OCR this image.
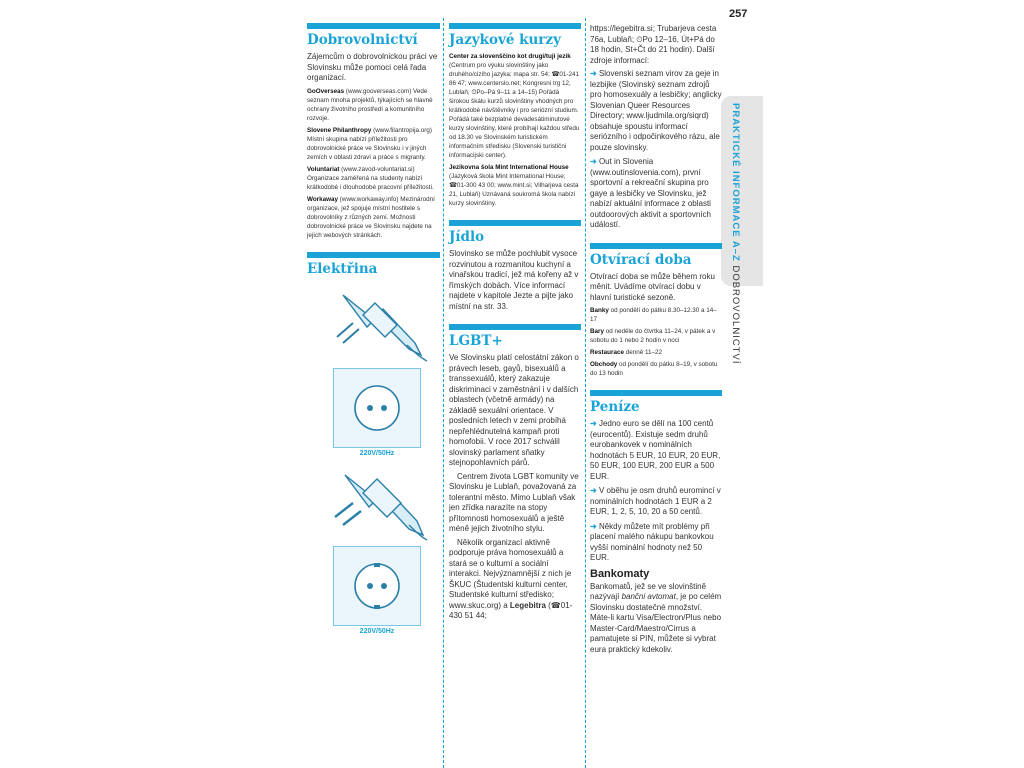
257
PRAKTICKÉ INFORMACE A–Z DOBROVOLNICTVÍ
Dobrovolnictví

Zájemcům o dobrovolnickou práci ve Slovinsku může pomoci celá řada organizací.

GoOverseas (www.gooverseas.com) Vede seznam mnoha projektů, týkajících se hlavně ochrany životního prostředí a komunitního rozvoje.

Slovene Philanthropy (www.filantropija.org) Místní skupina nabízí příležitosti pro dobrovolnické práce ve Slovinsku i v jiných zemích v oblasti zdraví a práce s migranty.

Voluntariat (www.zavod-voluntariat.si) Organizace zaměřená na studenty nabízí krátkodobé i dlouhodobé pracovní příležitosti.

Workaway (www.workaway.info) Mezinárodní organizace, jež spojuje místní hostitele s dobrovolníky z různých zemí. Možnosti dobrovolnické práce ve Slovinsku najdete na jejích webových stránkách.

Elektřina
220V/50Hz
220V/50Hz
Jazykové kurzy

Center za slovenščino kot drugi/tuji jezik (Centrum pro výuku slovinštiny jako druhého/cizího jazyka; mapa str. 54; ☎01-241 86 47; www.centerslo.net; Kongresni trg 12, Lublaň; ⏲Po–Pá 9–11 a 14–15) Pořádá širokou škálu kurzů slovinštiny vhodných pro krátkodobé návštěvníky i pro seriózní studium. Pořádá také bezplatné devadesátiminutové kurzy slovinštiny, které probíhají každou středu od 18.30 ve Slovinském turistickém informačním středisku (Slovenski turistični informacijski center).

Jezikovna šola Mint International House (Jazyková škola Mint International House; ☎01-300 43 00; www.mint.si; Vilharjeva cesta 21, Lublaň) Uznávaná soukromá škola nabízí kurzy slovinštiny.

Jídlo

Slovinsko se může pochlubit vysoce rozvinutou a rozmanitou kuchyní a vinařskou tradicí, jež má kořeny až v římských dobách. Více informací najdete v kapitole Jezte a pijte jako místní na str. 33.

LGBT+

Ve Slovinsku platí celostátní zákon o právech leseb, gayů, bisexuálů a transsexuálů, který zakazuje diskriminaci v zaměstnání i v dalších oblastech (včetně armády) na základě sexuální orientace. V posledních letech v zemi probíhá nepřehlédnutelná kampaň proti homofobii. V roce 2017 schválil slovinský parlament sňatky stejnopohlavních párů.

Centrem života LGBT komunity ve Slovinsku je Lublaň, považovaná za tolerantní město. Mimo Lublaň však jen zřídka narazíte na stopy přítomnosti homosexuálů a ještě méně jejich životního stylu.

Několik organizací aktivně podporuje práva homosexuálů a stará se o kulturní a sociální interakci. Nejvýznamnější z nich je ŠKUC (Študentski kulturni center, Studentské kulturní středisko; www.skuc.org) a Legebitra (☎01-430 51 44;

https://legebitra.si; Trubarjeva cesta 76a, Lublaň; ⏲Po 12–16, Út+Pá do 18 hodin, St+Čt do 21 hodin). Další zdroje informací:

➜ Slovenski seznam virov za geje in lezbijke (Slovinský seznam zdrojů pro homosexuály a lesbičky; anglicky Slovenian Queer Resources Directory; www.ljudmila.org/siqrd) obsahuje spoustu informací seriózního i odpočinkového rázu, ale pouze slovinsky.

➜ Out in Slovenia (www.outinslovenia.com), první sportovní a rekreační skupina pro gaye a lesbičky ve Slovinsku, jež nabízí aktuální informace z oblasti outdoorových aktivit a sportovních událostí.

Otvírací doba

Otvírací doba se může během roku měnit. Uvádíme otvírací dobu v hlavní turistické sezoně.

Banky od pondělí do pátku 8.30–12.30 a 14–17

Bary od neděle do čtvrtka 11–24, v pátek a v sobotu do 1 nebo 2 hodin v noci

Restaurace denně 11–22

Obchody od pondělí do pátku 8–19, v sobotu do 13 hodin

Peníze

➜ Jedno euro se dělí na 100 centů (eurocentů). Existuje sedm druhů eurobankovek v nominálních hodnotách 5 EUR, 10 EUR, 20 EUR, 50 EUR, 100 EUR, 200 EUR a 500 EUR.

➜ V oběhu je osm druhů euromincí v nominálních hodnotách 1 EUR a 2 EUR, 1, 2, 5, 10, 20 a 50 centů.

➜ Někdy můžete mít problémy při placení malého nákupu bankovkou vyšší nominální hodnoty než 50 EUR.

Bankomaty

Bankomatů, jež se ve slovinštině nazývají bančni avtomat, je po celém Slovinsku dostatečné množství. Máte-li kartu Visa/Electron/Plus nebo Master-Card/Maestro/Cirrus a pamatujete si PIN, můžete si vybrat eura praktický kdekoliv.
